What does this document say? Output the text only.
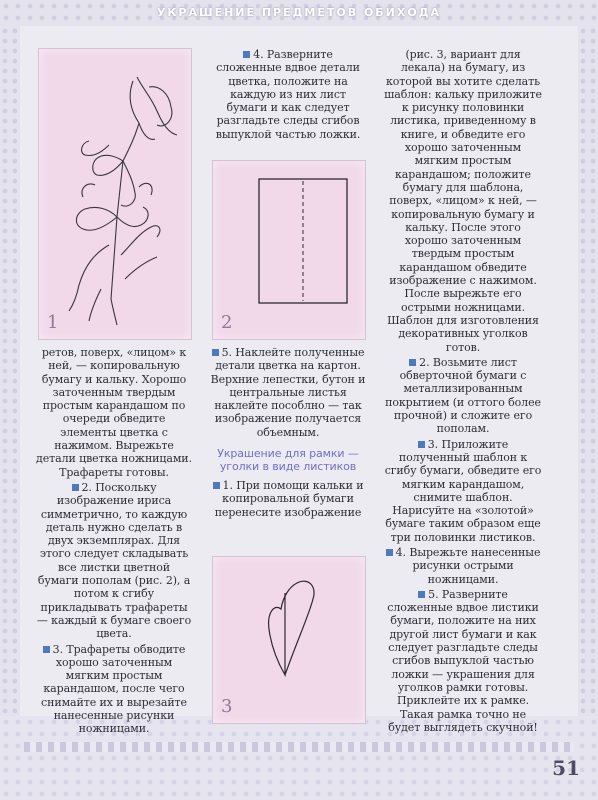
УКРАШЕНИЕ ПРЕДМЕТОВ ОБИХОДА
51
1	2
3

ретов, поверх, «лицом» к ней, — копировальную бумагу и кальку. Хорошо заточенным твердым простым карандашом по очереди обведите элементы цветка с нажимом. Вырежьте детали цветка ножницами. Трафареты готовы.

2. Поскольку изображение ириса симметрично, то каждую деталь нужно сделать в двух экземплярах. Для этого следует складывать все листки цветной бумаги пополам (рис. 2), а потом к сгибу прикладывать трафареты — каждый к бумаге своего цвета.

3. Трафареты обводите хорошо заточенным мягким простым карандашом, после чего снимайте их и вырезайте нанесенные рисунки ножницами.

4. Разверните сложенные вдвое детали цветка, положите на каждую из них лист бумаги и как следует разгладьте следы сгибов выпуклой частью ложки.

5. Наклейте полученные детали цветка на картон. Верхние лепестки, бутон и центральные листья наклейте пособлно — так изображение получается объемным.

Украшение для рамки — уголки в виде листиков

1. При помощи кальки и копировальной бумаги перенесите изображение

(рис. 3, вариант для лекала) на бумагу, из которой вы хотите сделать шаблон: кальку приложите к рисунку половинки листика, приведенному в книге, и обведите его хорошо заточенным мягким простым карандашом; положите бумагу для шаблона, поверх, «лицом» к ней, — копировальную бумагу и кальку. После этого хорошо заточенным твердым простым карандашом обведите изображение с нажимом. После вырежьте его острыми ножницами. Шаблон для изготовления декоративных уголков готов.

2. Возьмите лист обверточной бумаги с металлизированным покрытием (и оттого более прочной) и сложите его пополам.

3. Приложите полученный шаблон к сгибу бумаги, обведите его мягким карандашом, снимите шаблон. Нарисуйте на «золотой» бумаге таким образом еще три половинки листиков.

4. Вырежьте нанесенные рисунки острыми ножницами.

5. Разверните сложенные вдвое листики бумаги, положите на них другой лист бумаги и как следует разгладьте следы сгибов выпуклой частью ложки — украшения для уголков рамки готовы. Приклейте их к рамке. Такая рамка точно не будет выглядеть скучной!
